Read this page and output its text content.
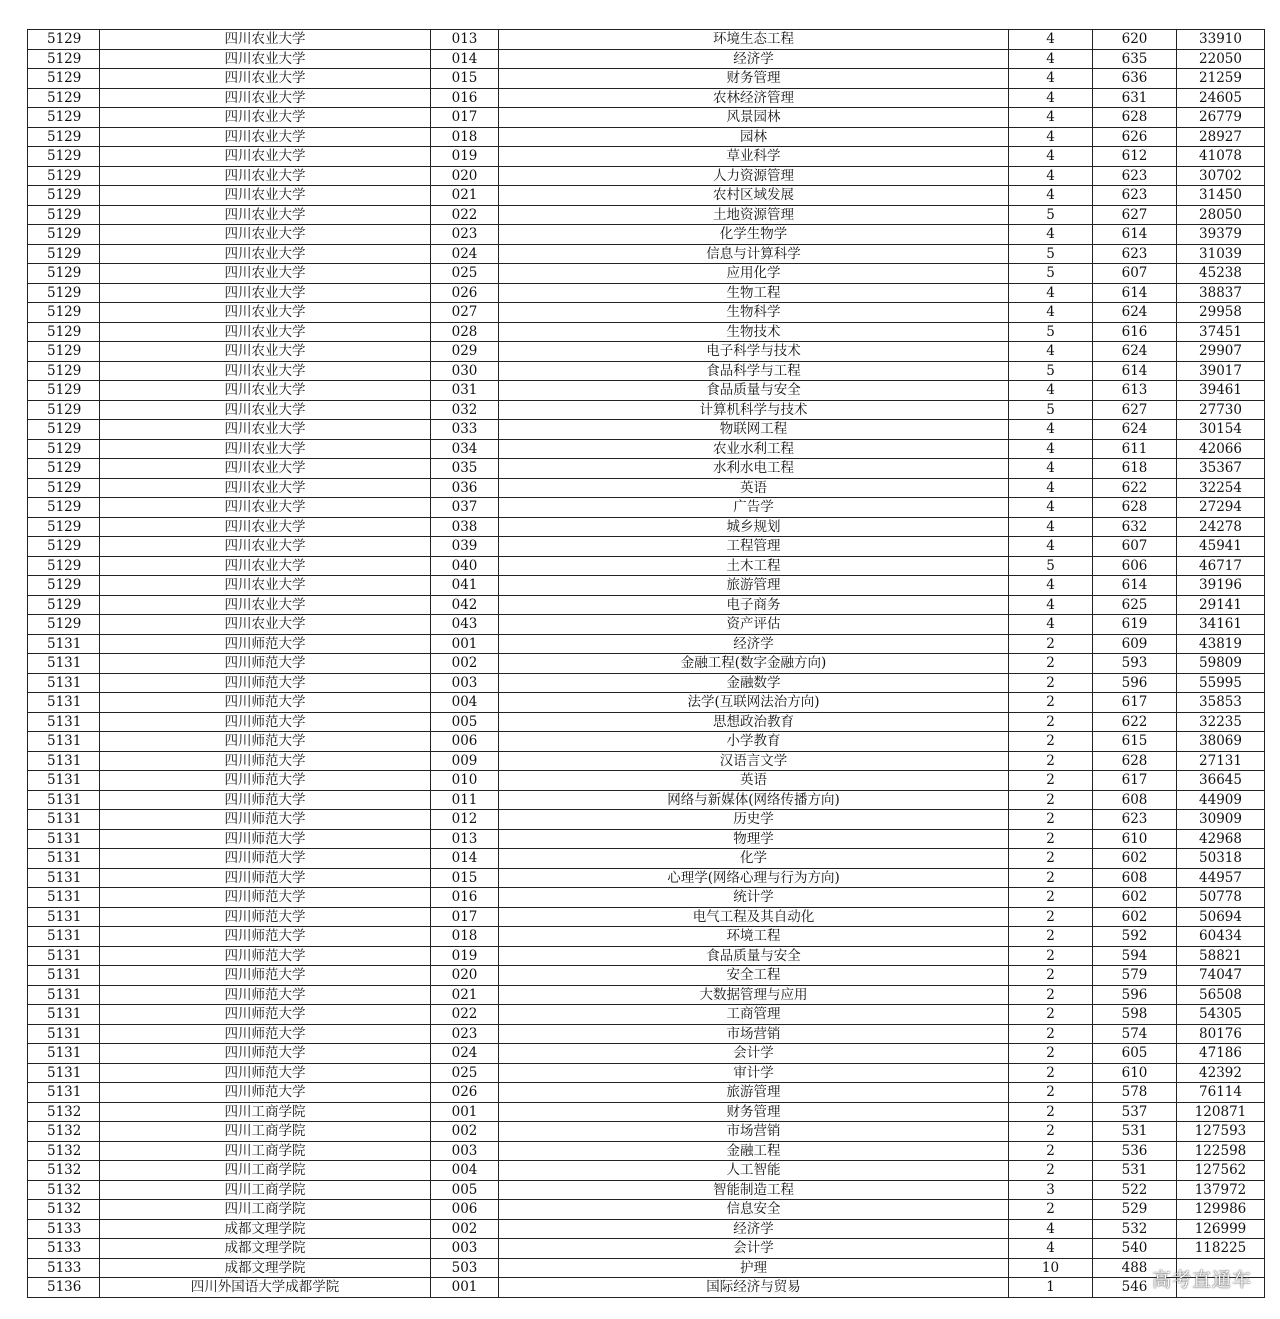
5129	四川农业大学	013	环境生态工程	4	620	33910
5129	四川农业大学	014	经济学	4	635	22050
5129	四川农业大学	015	财务管理	4	636	21259
5129	四川农业大学	016	农林经济管理	4	631	24605
5129	四川农业大学	017	风景园林	4	628	26779
5129	四川农业大学	018	园林	4	626	28927
5129	四川农业大学	019	草业科学	4	612	41078
5129	四川农业大学	020	人力资源管理	4	623	30702
5129	四川农业大学	021	农村区域发展	4	623	31450
5129	四川农业大学	022	土地资源管理	5	627	28050
5129	四川农业大学	023	化学生物学	4	614	39379
5129	四川农业大学	024	信息与计算科学	5	623	31039
5129	四川农业大学	025	应用化学	5	607	45238
5129	四川农业大学	026	生物工程	4	614	38837
5129	四川农业大学	027	生物科学	4	624	29958
5129	四川农业大学	028	生物技术	5	616	37451
5129	四川农业大学	029	电子科学与技术	4	624	29907
5129	四川农业大学	030	食品科学与工程	5	614	39017
5129	四川农业大学	031	食品质量与安全	4	613	39461
5129	四川农业大学	032	计算机科学与技术	5	627	27730
5129	四川农业大学	033	物联网工程	4	624	30154
5129	四川农业大学	034	农业水利工程	4	611	42066
5129	四川农业大学	035	水利水电工程	4	618	35367
5129	四川农业大学	036	英语	4	622	32254
5129	四川农业大学	037	广告学	4	628	27294
5129	四川农业大学	038	城乡规划	4	632	24278
5129	四川农业大学	039	工程管理	4	607	45941
5129	四川农业大学	040	土木工程	5	606	46717
5129	四川农业大学	041	旅游管理	4	614	39196
5129	四川农业大学	042	电子商务	4	625	29141
5129	四川农业大学	043	资产评估	4	619	34161
5131	四川师范大学	001	经济学	2	609	43819
5131	四川师范大学	002	金融工程(数字金融方向)	2	593	59809
5131	四川师范大学	003	金融数学	2	596	55995
5131	四川师范大学	004	法学(互联网法治方向)	2	617	35853
5131	四川师范大学	005	思想政治教育	2	622	32235
5131	四川师范大学	006	小学教育	2	615	38069
5131	四川师范大学	009	汉语言文学	2	628	27131
5131	四川师范大学	010	英语	2	617	36645
5131	四川师范大学	011	网络与新媒体(网络传播方向)	2	608	44909
5131	四川师范大学	012	历史学	2	623	30909
5131	四川师范大学	013	物理学	2	610	42968
5131	四川师范大学	014	化学	2	602	50318
5131	四川师范大学	015	心理学(网络心理与行为方向)	2	608	44957
5131	四川师范大学	016	统计学	2	602	50778
5131	四川师范大学	017	电气工程及其自动化	2	602	50694
5131	四川师范大学	018	环境工程	2	592	60434
5131	四川师范大学	019	食品质量与安全	2	594	58821
5131	四川师范大学	020	安全工程	2	579	74047
5131	四川师范大学	021	大数据管理与应用	2	596	56508
5131	四川师范大学	022	工商管理	2	598	54305
5131	四川师范大学	023	市场营销	2	574	80176
5131	四川师范大学	024	会计学	2	605	47186
5131	四川师范大学	025	审计学	2	610	42392
5131	四川师范大学	026	旅游管理	2	578	76114
5132	四川工商学院	001	财务管理	2	537	120871
5132	四川工商学院	002	市场营销	2	531	127593
5132	四川工商学院	003	金融工程	2	536	122598
5132	四川工商学院	004	人工智能	2	531	127562
5132	四川工商学院	005	智能制造工程	3	522	137972
5132	四川工商学院	006	信息安全	2	529	129986
5133	成都文理学院	002	经济学	4	532	126999
5133	成都文理学院	003	会计学	4	540	118225
5133	成都文理学院	503	护理	10	488	
5136	四川外国语大学成都学院	001	国际经济与贸易	1	546	高考直通车
